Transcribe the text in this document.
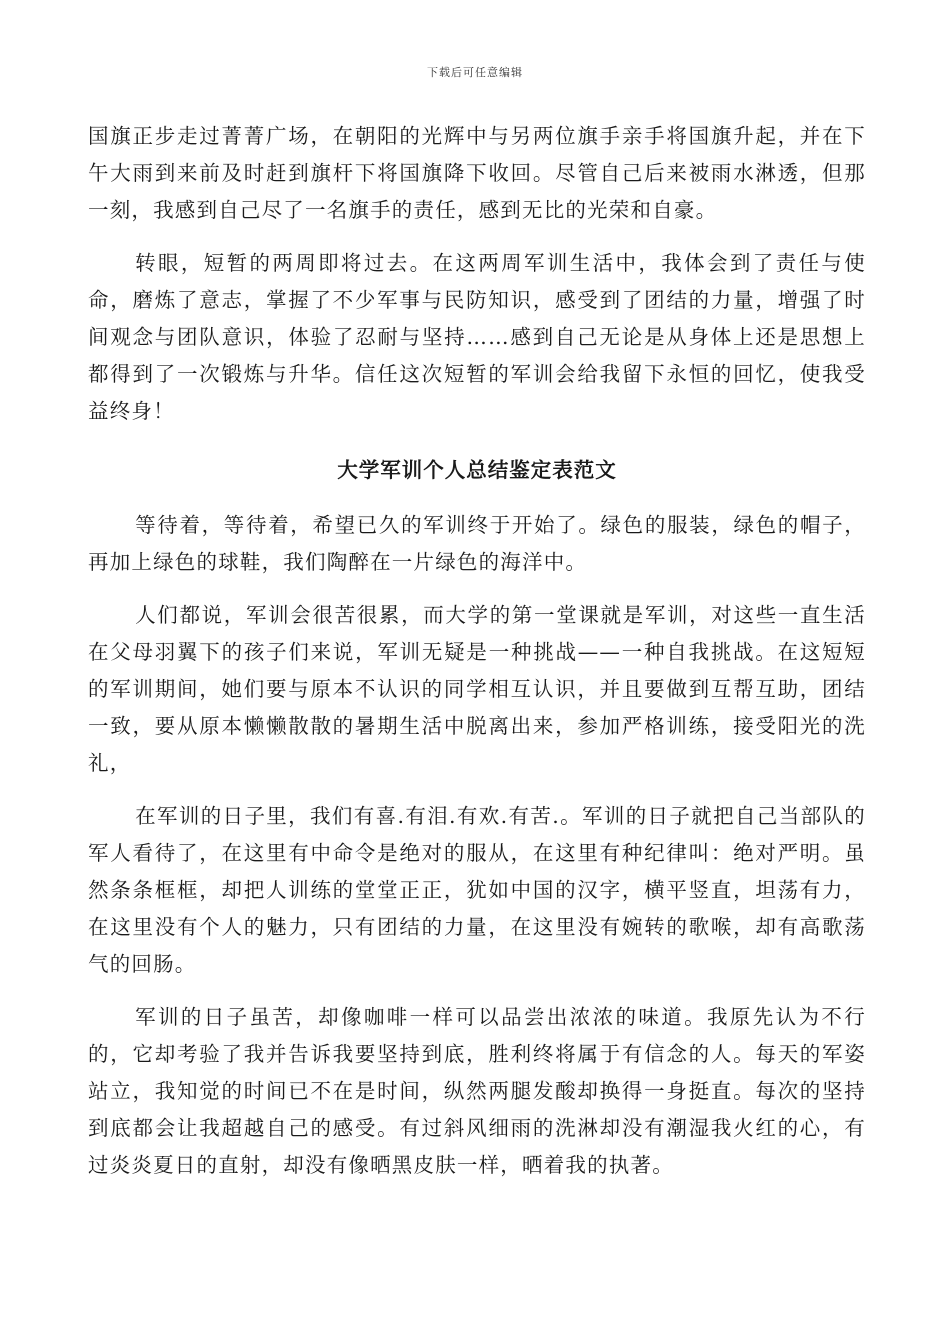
下载后可任意编辑

国旗正步走过菁菁广场，在朝阳的光辉中与另两位旗手亲手将国旗升起，并在下午大雨到来前及时赶到旗杆下将国旗降下收回。尽管自己后来被雨水淋透，但那一刻，我感到自己尽了一名旗手的责任，感到无比的光荣和自豪。

转眼，短暂的两周即将过去。在这两周军训生活中，我体会到了责任与使命，磨炼了意志，掌握了不少军事与民防知识，感受到了团结的力量，增强了时间观念与团队意识，体验了忍耐与坚持……感到自己无论是从身体上还是思想上都得到了一次锻炼与升华。信任这次短暂的军训会给我留下永恒的回忆，使我受益终身！

大学军训个人总结鉴定表范文

等待着，等待着，希望已久的军训终于开始了。绿色的服装，绿色的帽子，再加上绿色的球鞋，我们陶醉在一片绿色的海洋中。

人们都说，军训会很苦很累，而大学的第一堂课就是军训，对这些一直生活在父母羽翼下的孩子们来说，军训无疑是一种挑战——一种自我挑战。在这短短的军训期间，她们要与原本不认识的同学相互认识，并且要做到互帮互助，团结一致，要从原本懒懒散散的暑期生活中脱离出来，参加严格训练，接受阳光的洗礼，

在军训的日子里，我们有喜.有泪.有欢.有苦.。军训的日子就把自己当部队的军人看待了，在这里有中命令是绝对的服从，在这里有种纪律叫：绝对严明。虽然条条框框，却把人训练的堂堂正正，犹如中国的汉字，横平竖直，坦荡有力，在这里没有个人的魅力，只有团结的力量，在这里没有婉转的歌喉，却有高歌荡气的回肠。

军训的日子虽苦，却像咖啡一样可以品尝出浓浓的味道。我原先认为不行的，它却考验了我并告诉我要坚持到底，胜利终将属于有信念的人。每天的军姿站立，我知觉的时间已不在是时间，纵然两腿发酸却换得一身挺直。每次的坚持到底都会让我超越自己的感受。有过斜风细雨的洗淋却没有潮湿我火红的心，有过炎炎夏日的直射，却没有像晒黑皮肤一样，晒着我的执著。
